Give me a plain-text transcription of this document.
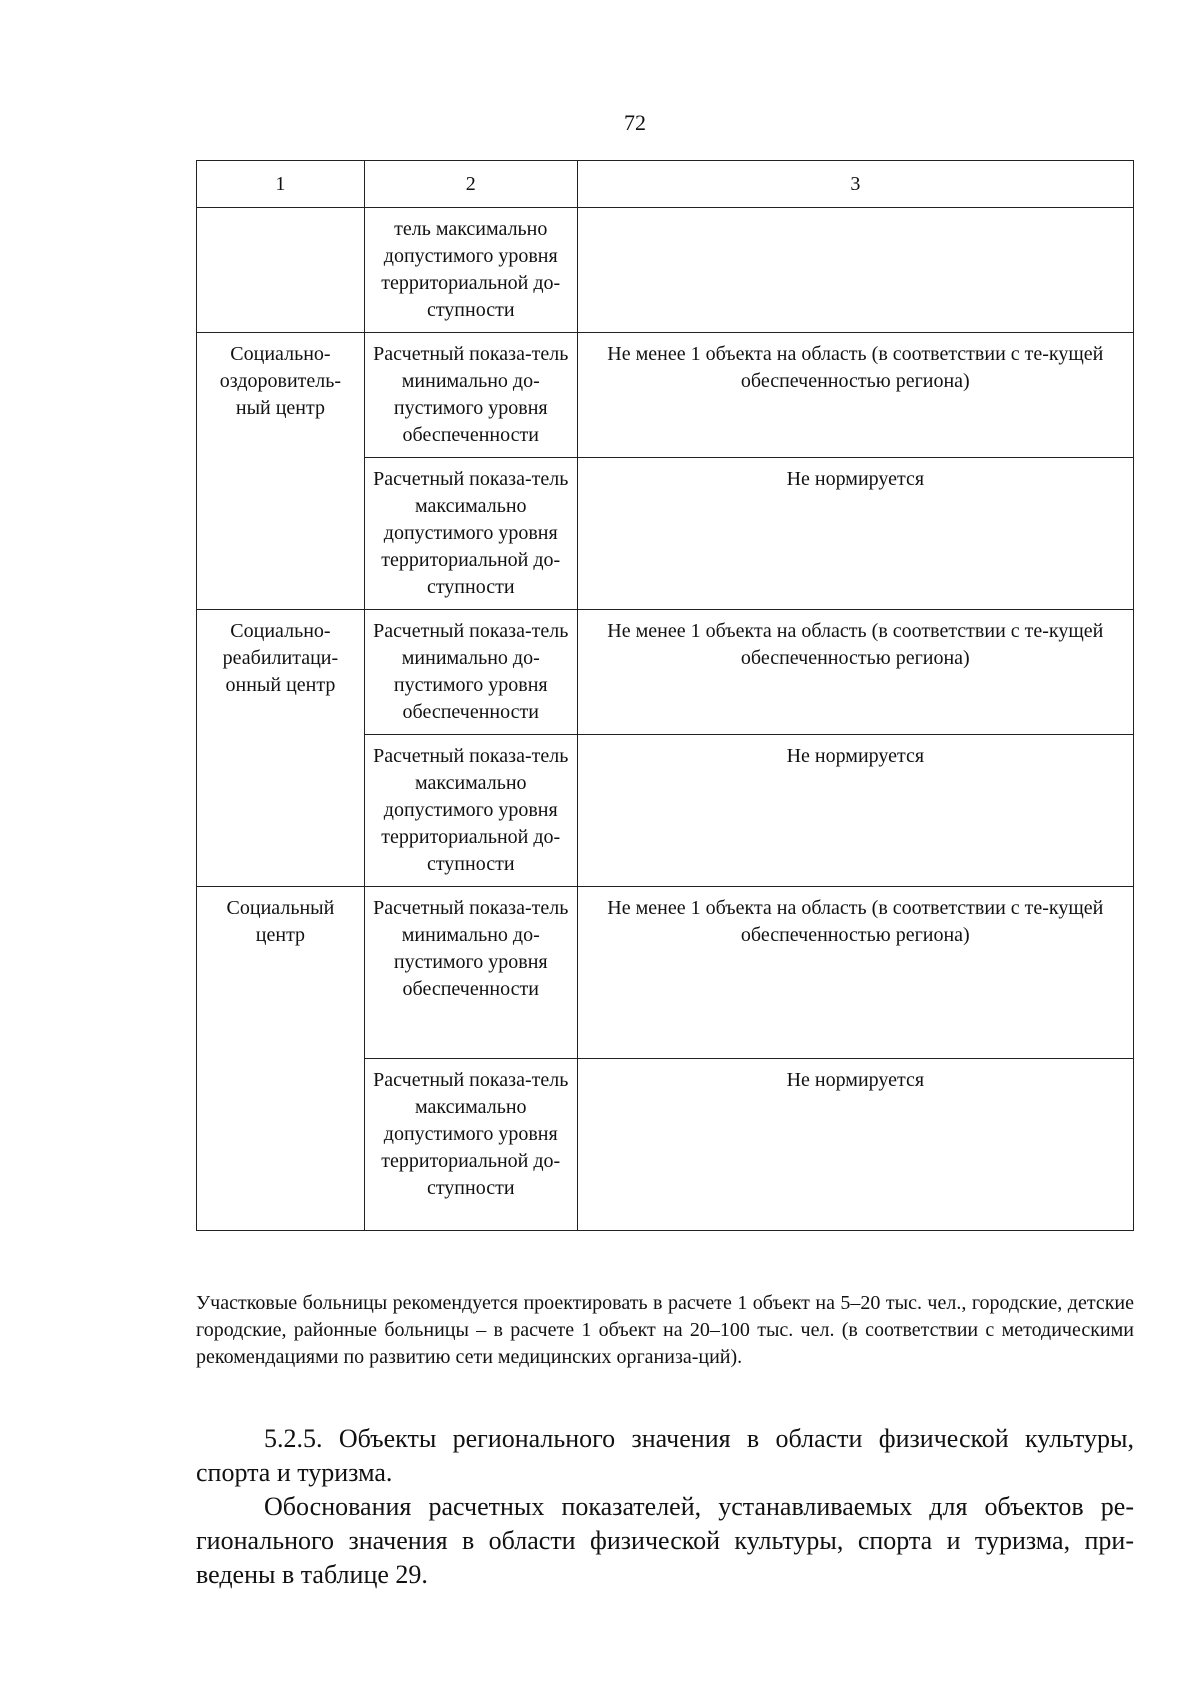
72
1	2	3
	тель максимально допустимого уровня территориальной до-ступности	
Социально-оздоровитель-ный центр	Расчетный показа-тель минимально до-пустимого уровня обеспеченности	Не менее 1 объекта на область (в соответствии с те-кущей обеспеченностью региона)
	Расчетный показа-тель максимально допустимого уровня территориальной до-ступности	Не нормируется
Социально-реабилитаци-онный центр	Расчетный показа-тель минимально до-пустимого уровня обеспеченности	Не менее 1 объекта на область (в соответствии с те-кущей обеспеченностью региона)
	Расчетный показа-тель максимально допустимого уровня территориальной до-ступности	Не нормируется
Социальный центр	Расчетный показа-тель минимально до-пустимого уровня обеспеченности	Не менее 1 объекта на область (в соответствии с те-кущей обеспеченностью региона)
	Расчетный показа-тель максимально допустимого уровня территориальной до-ступности	Не нормируется
Участковые больницы рекомендуется проектировать в расчете 1 объект на 5–20 тыс. чел., городские, детские городские, районные больницы – в расчете 1 объект на 20–100 тыс. чел. (в соответствии с методическими рекомендациями по развитию сети медицинских организа-ций).
5.2.5. Объекты регионального значения в области физической культуры, спорта и туризма.
Обоснования расчетных показателей, устанавливаемых для объектов ре-гионального значения в области физической культуры, спорта и туризма, при-ведены в таблице 29.
